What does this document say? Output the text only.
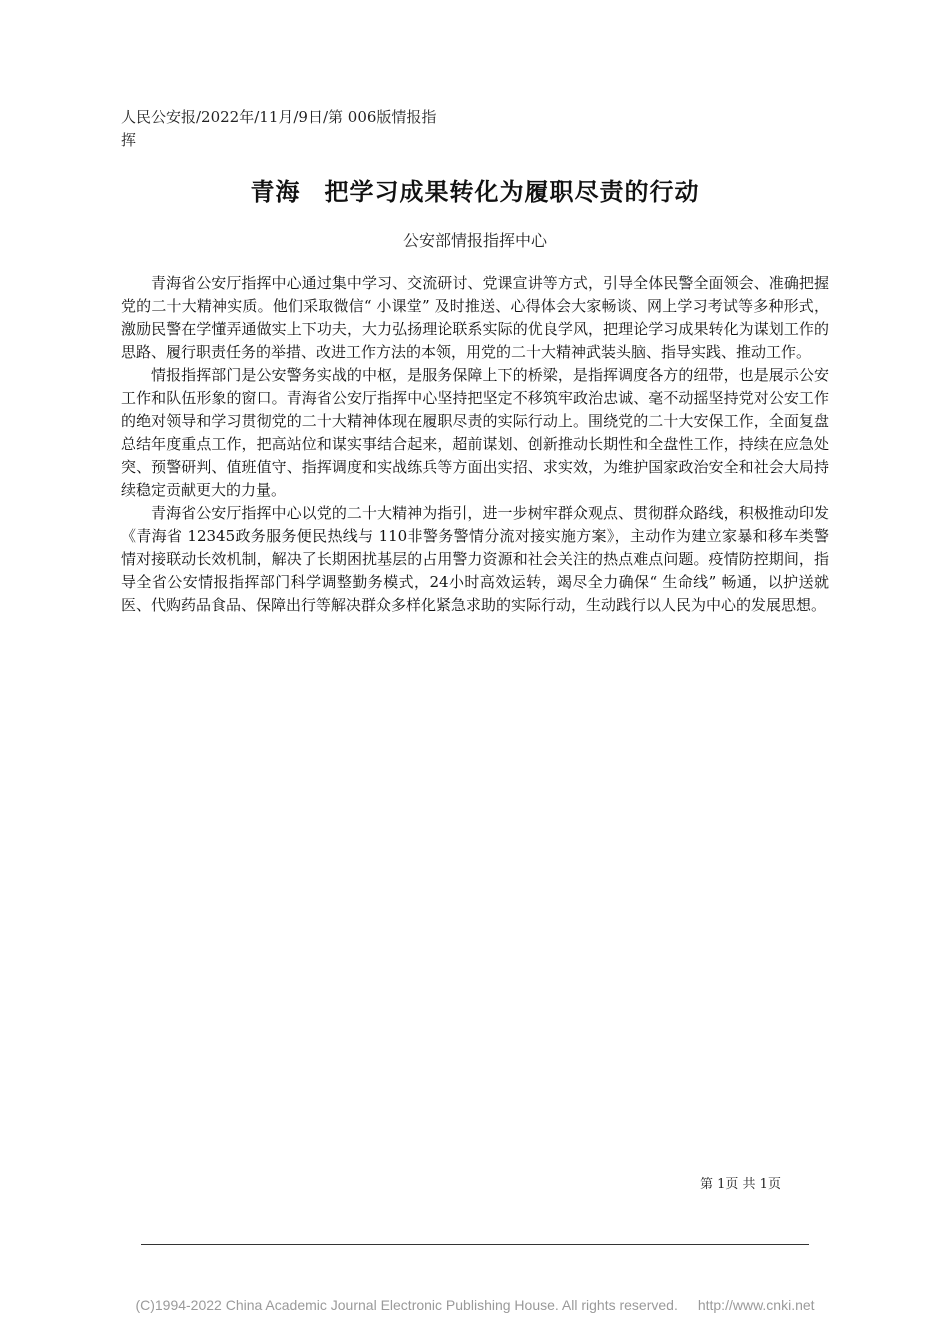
人民公安报/2022年/11月/9日/第 006版情报指挥
青海 把学习成果转化为履职尽责的行动
公安部情报指挥中心

青海省公安厅指挥中心通过集中学习、交流研讨、党课宣讲等方式，引导全体民警全面领会、准确把握党的二十大精神实质。他们采取微信“ 小课堂” 及时推送、心得体会大家畅谈、网上学习考试等多种形式，激励民警在学懂弄通做实上下功夫，大力弘扬理论联系实际的优良学风，把理论学习成果转化为谋划工作的思路、履行职责任务的举措、改进工作方法的本领，用党的二十大精神武装头脑、指导实践、推动工作。

情报指挥部门是公安警务实战的中枢，是服务保障上下的桥梁，是指挥调度各方的纽带，也是展示公安工作和队伍形象的窗口。青海省公安厅指挥中心坚持把坚定不移筑牢政治忠诚、毫不动摇坚持党对公安工作的绝对领导和学习贯彻党的二十大精神体现在履职尽责的实际行动上。围绕党的二十大安保工作，全面复盘总结年度重点工作，把高站位和谋实事结合起来，超前谋划、创新推动长期性和全盘性工作，持续在应急处突、预警研判、值班值守、指挥调度和实战练兵等方面出实招、求实效，为维护国家政治安全和社会大局持续稳定贡献更大的力量。

青海省公安厅指挥中心以党的二十大精神为指引，进一步树牢群众观点、贯彻群众路线，积极推动印发《青海省 12345政务服务便民热线与 110非警务警情分流对接实施方案》，主动作为建立家暴和移车类警情对接联动长效机制，解决了长期困扰基层的占用警力资源和社会关注的热点难点问题。疫情防控期间，指导全省公安情报指挥部门科学调整勤务模式，24小时高效运转，竭尽全力确保“ 生命线” 畅通，以护送就医、代购药品食品、保障出行等解决群众多样化紧急求助的实际行动，生动践行以人民为中心的发展思想。

第 1页 共 1页
(C)1994-2022 China Academic Journal Electronic Publishing House. All rights reserved. http://www.cnki.net
